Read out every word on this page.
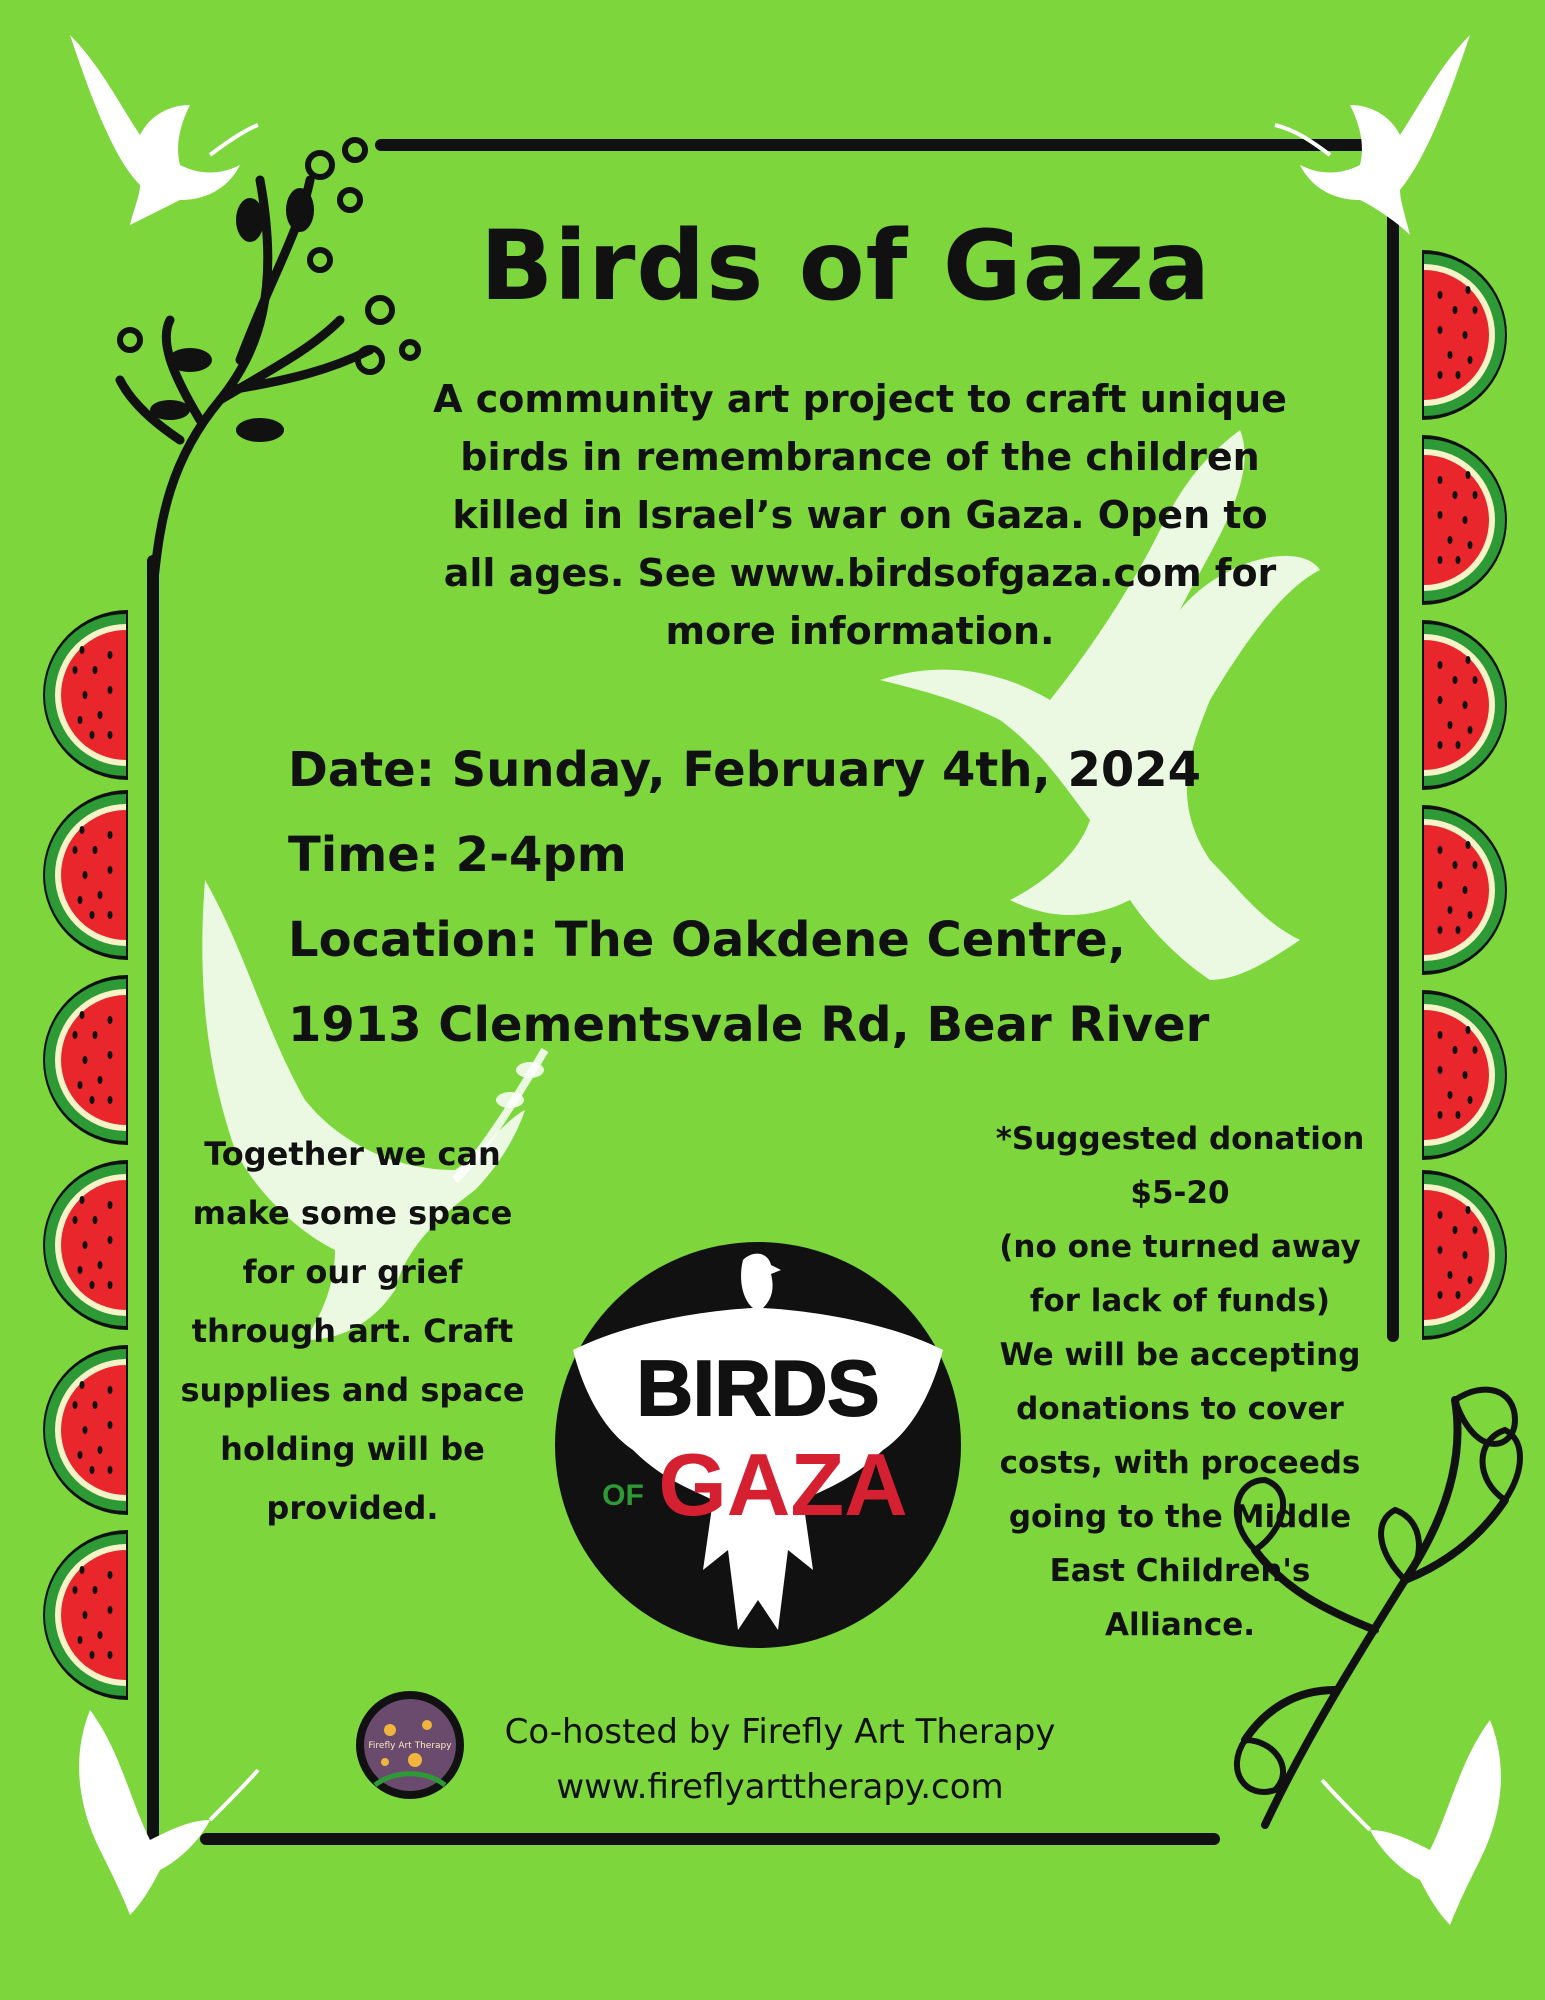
Birds of Gaza
A community art project to craft unique
birds in remembrance of the children
killed in Israel’s war on Gaza. Open to
all ages. See www.birdsofgaza.com for
more information.
Date: Sunday, February 4th, 2024
Time: 2-4pm
Location: The Oakdene Centre,
1913 Clementsvale Rd, Bear River
Together we can
make some space
for our grief
through art. Craft
supplies and space
holding will be
provided.
*Suggested donation
$5-20
(no one turned away
for lack of funds)
We will be accepting
donations to cover
costs, with proceeds
going to the Middle
East Children's
Alliance.
BIRDS
OF GAZA
Firefly Art Therapy	Co-hosted by Firefly Art Therapy
www.fireflyarttherapy.com
